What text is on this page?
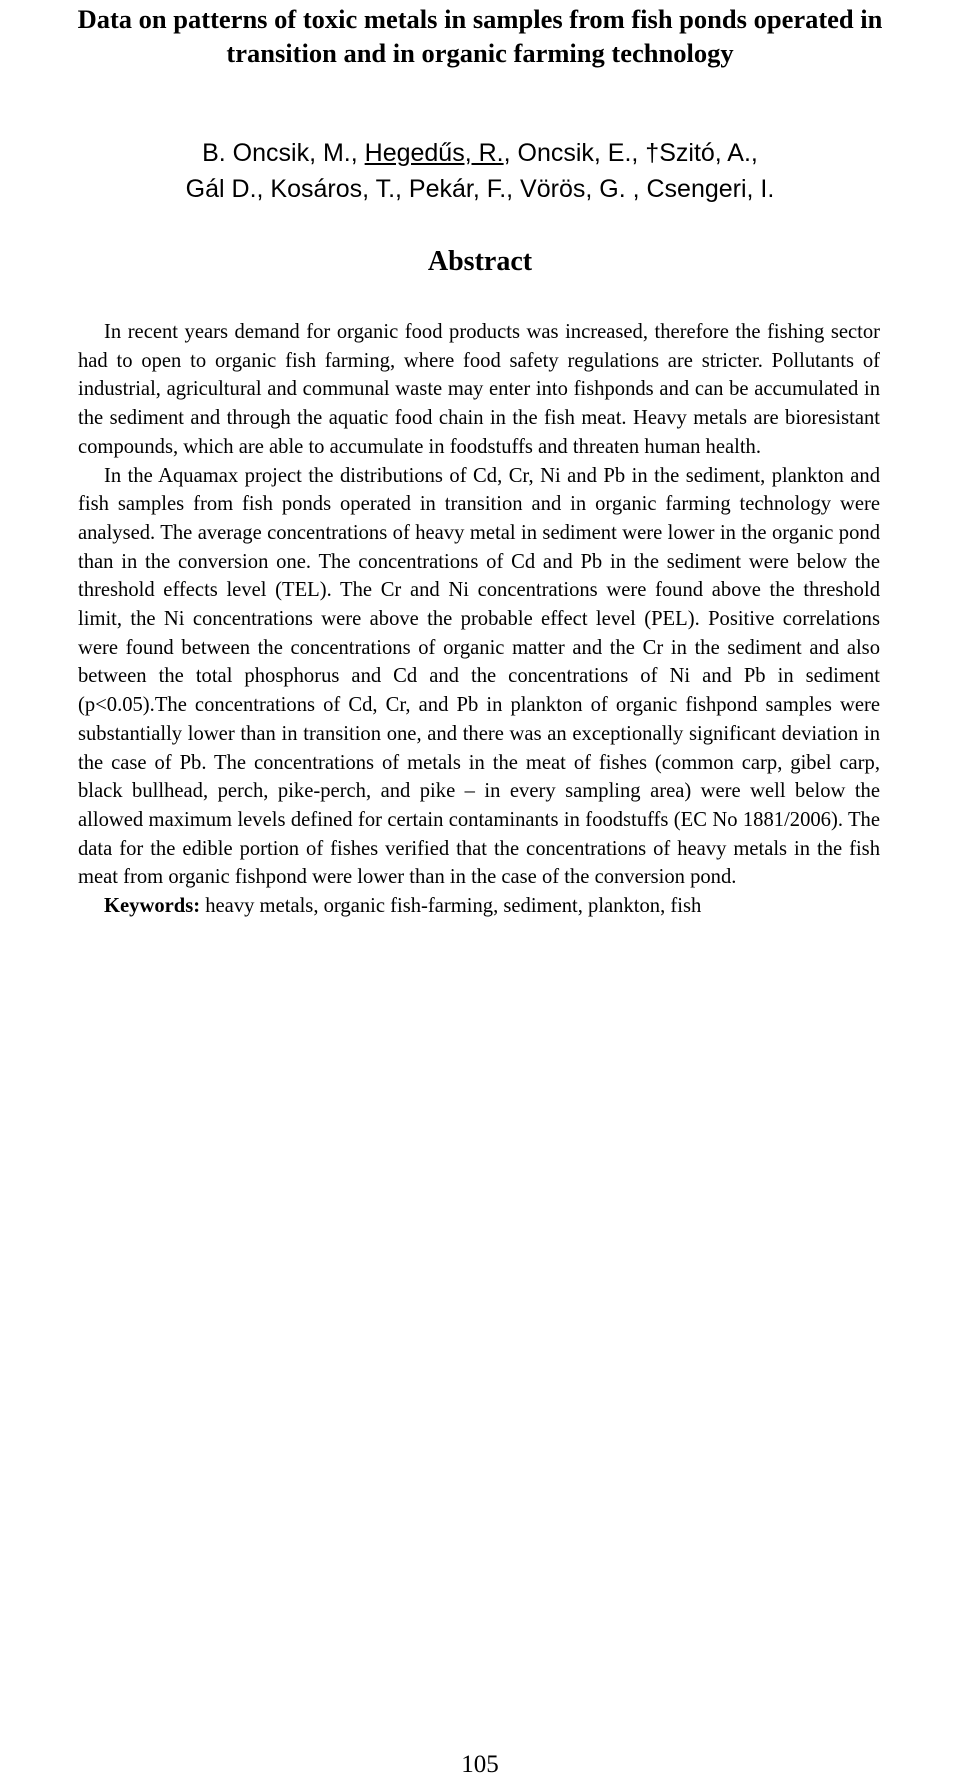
Data on patterns of toxic metals in samples from fish ponds operated in
transition and in organic farming technology
B. Oncsik, M., Hegedűs, R., Oncsik, E., †Szitó, A.,
Gál D., Kosáros, T., Pekár, F., Vörös, G. , Csengeri, I.
Abstract

In recent years demand for organic food products was increased, therefore the fishing sector had to open to organic fish farming, where food safety regulations are stricter. Pollutants of industrial, agricultural and communal waste may enter into fishponds and can be accumulated in the sediment and through the aquatic food chain in the fish meat. Heavy metals are bioresistant compounds, which are able to accumulate in foodstuffs and threaten human health.

In the Aquamax project the distributions of Cd, Cr, Ni and Pb in the sediment, plankton and fish samples from fish ponds operated in transition and in organic farming technology were analysed. The average concentrations of heavy metal in sediment were lower in the organic pond than in the conversion one. The concentrations of Cd and Pb in the sediment were below the threshold effects level (TEL). The Cr and Ni concentrations were found above the threshold limit, the Ni concentrations were above the probable effect level (PEL). Positive correlations were found between the concentrations of organic matter and the Cr in the sediment and also between the total phosphorus and Cd and the concentrations of Ni and Pb in sediment (p<0.05).The concentrations of Cd, Cr, and Pb in plankton of organic fishpond samples were substantially lower than in transition one, and there was an exceptionally significant deviation in the case of Pb. The concentrations of metals in the meat of fishes (common carp, gibel carp, black bullhead, perch, pike-perch, and pike – in every sampling area) were well below the allowed maximum levels defined for certain contaminants in foodstuffs (EC No 1881/2006). The data for the edible portion of fishes verified that the concentrations of heavy metals in the fish meat from organic fishpond were lower than in the case of the conversion pond.

Keywords: heavy metals, organic fish-farming, sediment, plankton, fish

105
